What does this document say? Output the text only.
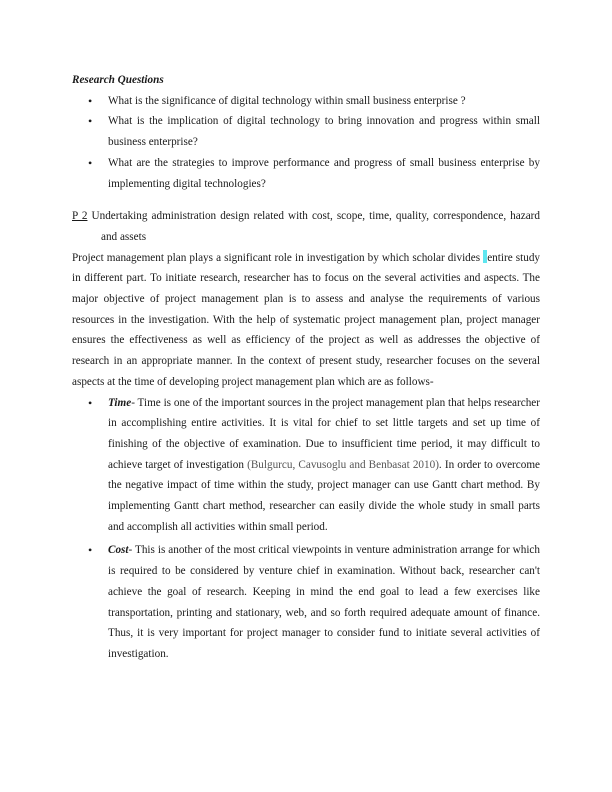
Research Questions

• What is the significance of digital technology within small business enterprise ?
• What is the implication of digital technology to bring innovation and progress within small business enterprise?
• What are the strategies to improve performance and progress of small business enterprise by implementing digital technologies?
P 2 Undertaking administration design related with cost, scope, time, quality, correspondence, hazard and assets

Project management plan plays a significant role in investigation by which scholar divides entire study in different part. To initiate research, researcher has to focus on the several activities and aspects. The major objective of project management plan is to assess and analyse the requirements of various resources in the investigation. With the help of systematic project management plan, project manager ensures the effectiveness as well as efficiency of the project as well as addresses the objective of research in an appropriate manner. In the context of present study, researcher focuses on the several aspects at the time of developing project management plan which are as follows-

• Time- Time is one of the important sources in the project management plan that helps researcher in accomplishing entire activities. It is vital for chief to set little targets and set up time of finishing of the objective of examination. Due to insufficient time period, it may difficult to achieve target of investigation (Bulgurcu, Cavusoglu and Benbasat 2010). In order to overcome the negative impact of time within the study, project manager can use Gantt chart method. By implementing Gantt chart method, researcher can easily divide the whole study in small parts and accomplish all activities within small period.
• Cost- This is another of the most critical viewpoints in venture administration arrange for which is required to be considered by venture chief in examination. Without back, researcher can't achieve the goal of research. Keeping in mind the end goal to lead a few exercises like transportation, printing and stationary, web, and so forth required adequate amount of finance. Thus, it is very important for project manager to consider fund to initiate several activities of investigation.
